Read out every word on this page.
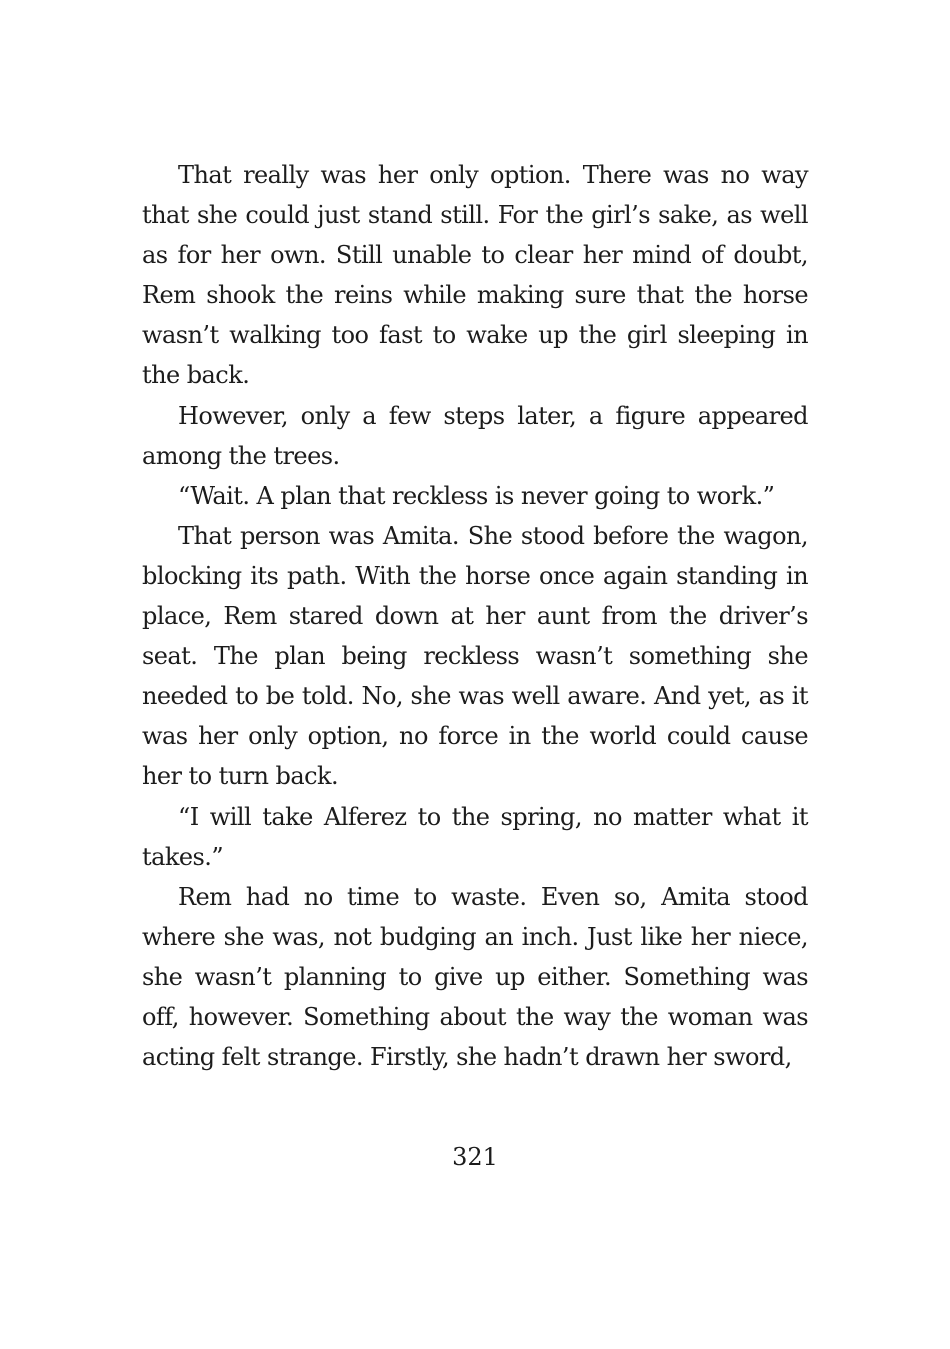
That really was her only option. There was no way that she could just stand still. For the girl’s sake, as well as for her own. Still unable to clear her mind of doubt, Rem shook the reins while making sure that the horse wasn’t walking too fast to wake up the girl sleeping in the back.

However, only a few steps later, a figure appeared among the trees.

“Wait. A plan that reckless is never going to work.”

That person was Amita. She stood before the wagon, blocking its path. With the horse once again standing in place, Rem stared down at her aunt from the driver’s seat. The plan being reckless wasn’t something she needed to be told. No, she was well aware. And yet, as it was her only option, no force in the world could cause her to turn back.

“I will take Alferez to the spring, no matter what it takes.”

Rem had no time to waste. Even so, Amita stood where she was, not budging an inch. Just like her niece, she wasn’t planning to give up either. Something was off, however. Something about the way the woman was acting felt strange. Firstly, she hadn’t drawn her sword,

321
